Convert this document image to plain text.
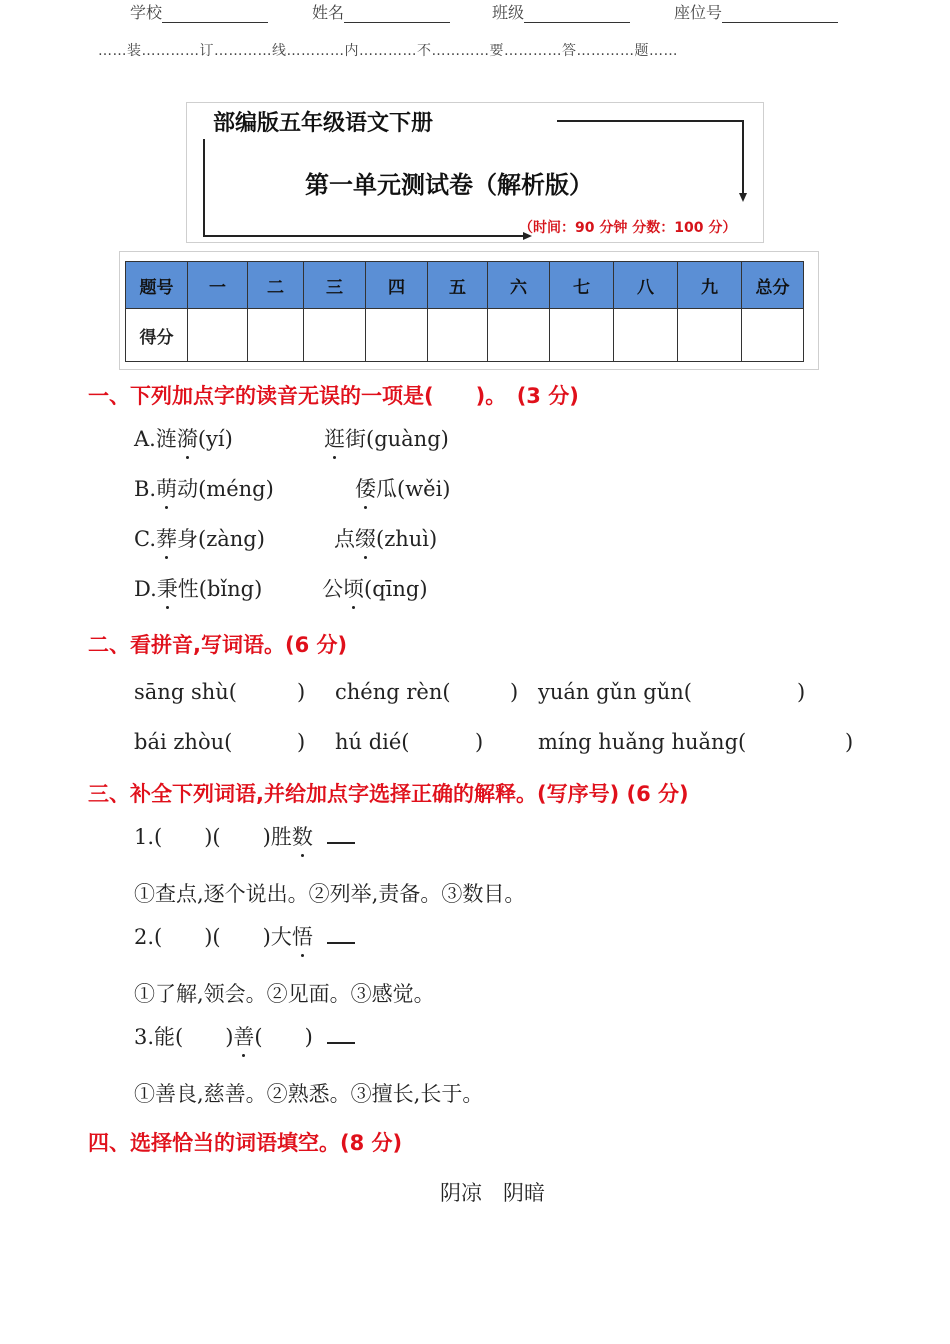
学校	姓名	班级	座位号
……装…………订…………线…………内…………不…………要…………答…………题……
部编版五年级语文下册
第一单元测试卷（解析版）
（时间：90 分钟 分数：100 分）
题号	一	二	三	四	五	六	七	八	九	总分
得分										
一、下列加点字的读音无误的一项是(　　)。　(3 分)
A.涟漪(yí)	逛街(guàng)
B.萌动(méng)	倭瓜(wěi)
C.葬身(zàng)	点缀(zhuì)
D.秉性(bǐng)	公顷(qīng)
二、看拼音,写词语。(6 分)
sāng shù(	) chéng rèn(	) yuán gǔn gǔn(	)
bái zhòu(	) hú dié(	)	míng huǎng huǎng(	)
三、补全下列词语,并给加点字选择正确的解释。(写序号) (6 分)
1.(　　)(　　)胜数
①查点,逐个说出。②列举,责备。③数目。
2.(　　)(　　)大悟
①了解,领会。②见面。③感觉。
3.能(　　)善(　　)
①善良,慈善。②熟悉。③擅长,长于。
四、选择恰当的词语填空。(8 分)
阴凉　阴暗
